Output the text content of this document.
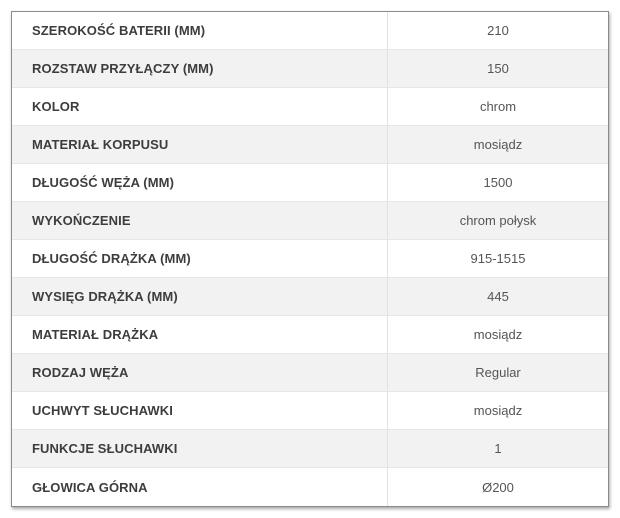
SZEROKOŚĆ BATERII (MM)	210
ROZSTAW PRZYŁĄCZY (MM)	150
KOLOR	chrom
MATERIAŁ KORPUSU	mosiądz
DŁUGOŚĆ WĘŻA (MM)	1500
WYKOŃCZENIE	chrom połysk
DŁUGOŚĆ DRĄŻKA (MM)	915-1515
WYSIĘG DRĄŻKA (MM)	445
MATERIAŁ DRĄŻKA	mosiądz
RODZAJ WĘŻA	Regular
UCHWYT SŁUCHAWKI	mosiądz
FUNKCJE SŁUCHAWKI	1
GŁOWICA GÓRNA	Ø200
